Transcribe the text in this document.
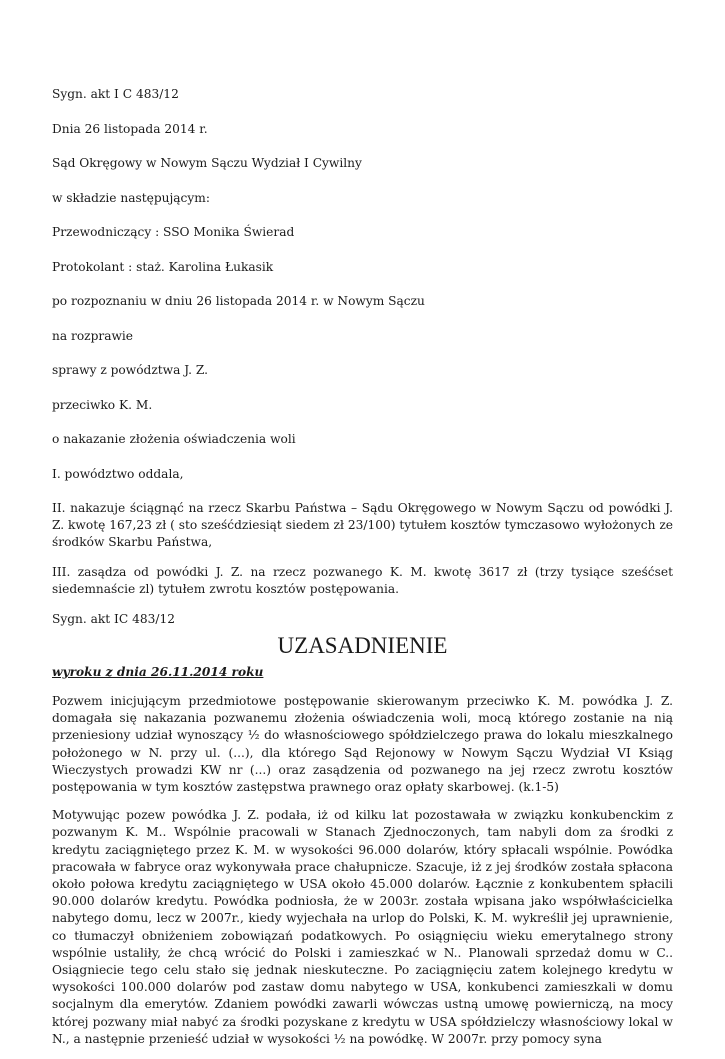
Sygn. akt I C 483/12
Dnia 26 listopada 2014 r.
Sąd Okręgowy w Nowym Sączu Wydział I Cywilny
w składzie następującym:
Przewodniczący : SSO Monika Świerad
Protokolant : staż. Karolina Łukasik
po rozpoznaniu w dniu 26 listopada 2014 r. w Nowym Sączu
na rozprawie
sprawy z powództwa J. Z.
przeciwko K. M.
o nakazanie złożenia oświadczenia woli
I. powództwo oddala,
II. nakazuje ściągnąć na rzecz Skarbu Państwa – Sądu Okręgowego w Nowym Sączu od powódki J. Z. kwotę 167,23 zł ( sto sześćdziesiąt siedem zł 23/100) tytułem kosztów tymczasowo wyłożonych ze środków Skarbu Państwa,
III. zasądza od powódki J. Z. na rzecz pozwanego K. M. kwotę 3617 zł (trzy tysiące sześćset siedemnaście zl) tytułem zwrotu kosztów postępowania.
Sygn. akt IC 483/12
UZASADNIENIE
wyroku z dnia 26.11.2014 roku
Pozwem inicjującym przedmiotowe postępowanie skierowanym przeciwko K. M. powódka J. Z. domagała się nakazania pozwanemu złożenia oświadczenia woli, mocą którego zostanie na nią przeniesiony udział wynoszący ½ do własnościowego spółdzielczego prawa do lokalu mieszkalnego położonego w N. przy ul. (...), dla którego Sąd Rejonowy w Nowym Sączu Wydział VI Ksiąg Wieczystych prowadzi KW nr (...) oraz zasądzenia od pozwanego na jej rzecz zwrotu kosztów postępowania w tym kosztów zastępstwa prawnego oraz opłaty skarbowej. (k.1-5)
Motywując pozew powódka J. Z. podała, iż od kilku lat pozostawała w związku konkubenckim z pozwanym K. M.. Wspólnie pracowali w Stanach Zjednoczonych, tam nabyli dom za środki z kredytu zaciągniętego przez K. M. w wysokości 96.000 dolarów, który spłacali wspólnie. Powódka pracowała w fabryce oraz wykonywała prace chałupnicze. Szacuje, iż z jej środków została spłacona około połowa kredytu zaciągniętego w USA około 45.000 dolarów. Łącznie z konkubentem spłacili 90.000 dolarów kredytu. Powódka podniosła, że w 2003r. została wpisana jako współwłaścicielka nabytego domu, lecz w 2007r., kiedy wyjechała na urlop do Polski, K. M. wykreślił jej uprawnienie, co tłumaczył obniżeniem zobowiązań podatkowych. Po osiągnięciu wieku emerytalnego strony wspólnie ustaliły, że chcą wrócić do Polski i zamieszkać w N.. Planowali sprzedaż domu w C.. Osiągniecie tego celu stało się jednak nieskuteczne. Po zaciągnięciu zatem kolejnego kredytu w wysokości 100.000 dolarów pod zastaw domu nabytego w USA, konkubenci zamieszkali w domu socjalnym dla emerytów. Zdaniem powódki zawarli wówczas ustną umowę powierniczą, na mocy której pozwany miał nabyć za środki pozyskane z kredytu w USA spółdzielczy własnościowy lokal w N., a następnie przenieść udział w wysokości ½ na powódkę. W 2007r. przy pomocy syna
